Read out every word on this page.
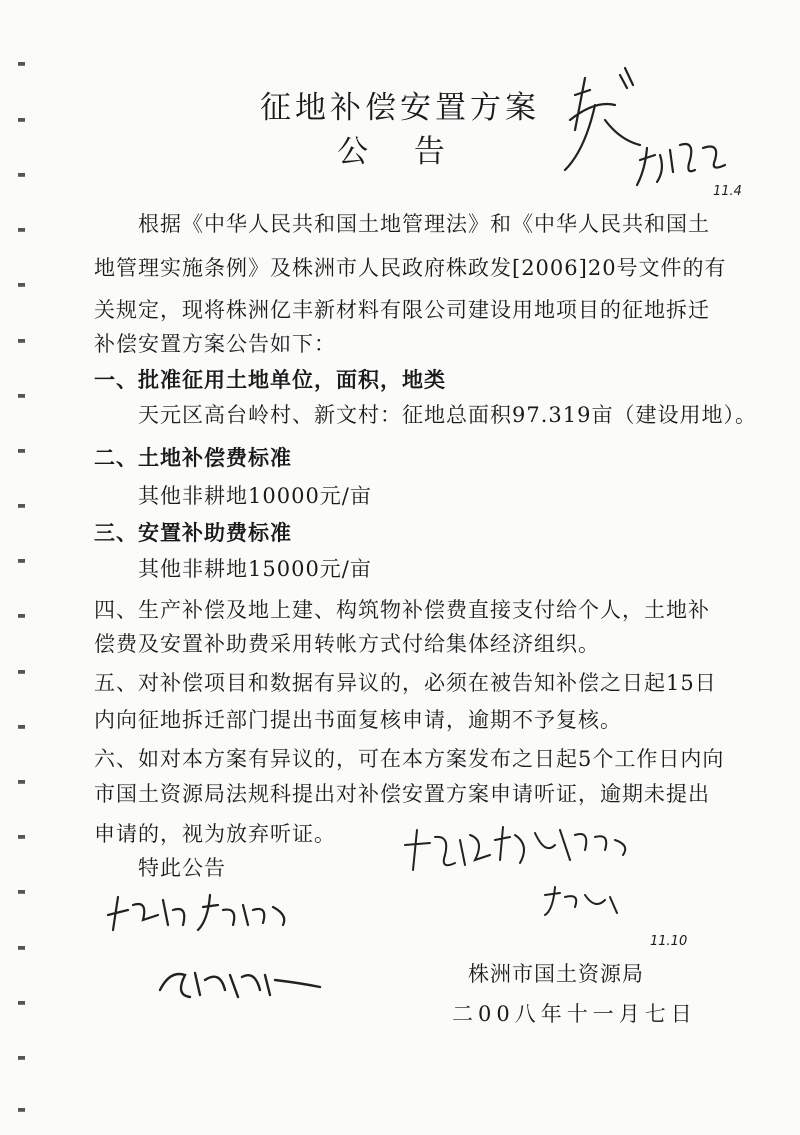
征地补偿安置方案
公 告
11.4
根据《中华人民共和国土地管理法》和《中华人民共和国土
地管理实施条例》及株洲市人民政府株政发[2006]20号文件的有
关规定，现将株洲亿丰新材料有限公司建设用地项目的征地拆迁
补偿安置方案公告如下：
一、批准征用土地单位，面积，地类
天元区高台岭村、新文村：征地总面积97.319亩（建设用地）。
二、土地补偿费标准
其他非耕地10000元/亩
三、安置补助费标准
其他非耕地15000元/亩
四、生产补偿及地上建、构筑物补偿费直接支付给个人，土地补
偿费及安置补助费采用转帐方式付给集体经济组织。
五、对补偿项目和数据有异议的，必须在被告知补偿之日起15日
内向征地拆迁部门提出书面复核申请，逾期不予复核。
六、如对本方案有异议的，可在本方案发布之日起5个工作日内向
市国土资源局法规科提出对补偿安置方案申请听证，逾期未提出
申请的，视为放弃听证。
特此公告
11.10
株洲市国土资源局
二00八年十一月七日
